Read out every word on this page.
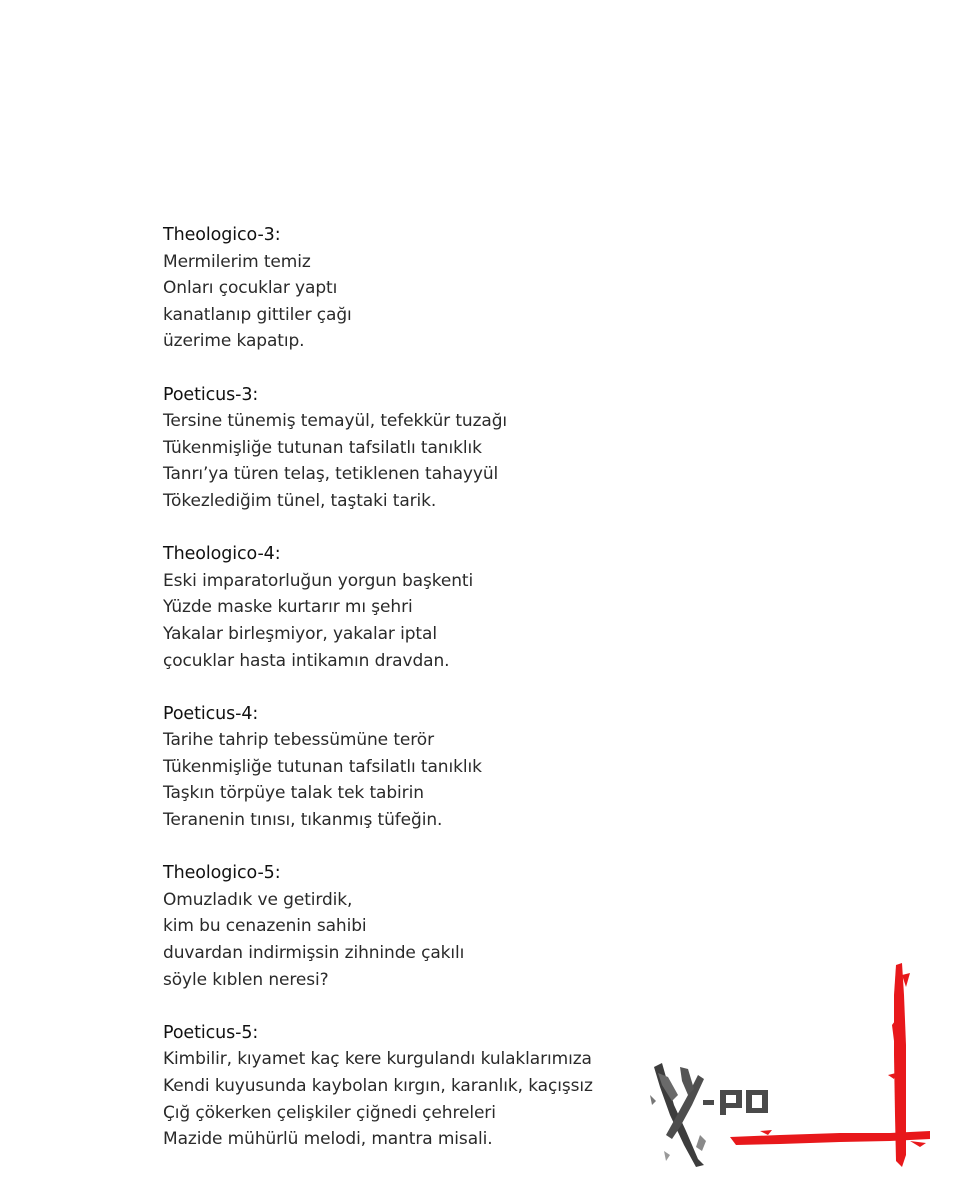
Theologico-3:
Mermilerim temiz
Onları çocuklar yaptı
kanatlanıp gittiler çağı
üzerime kapatıp.
Poeticus-3:
Tersine tünemiş temayül, tefekkür tuzağı
Tükenmişliğe tutunan tafsilatlı tanıklık
Tanrı’ya türen telaş, tetiklenen tahayyül
Tökezlediğim tünel, taştaki tarik.
Theologico-4:
Eski imparatorluğun yorgun başkenti
Yüzde maske kurtarır mı şehri
Yakalar birleşmiyor, yakalar iptal
çocuklar hasta intikamın dravdan.
Poeticus-4:
Tarihe tahrip tebessümüne terör
Tükenmişliğe tutunan tafsilatlı tanıklık
Taşkın törpüye talak tek tabirin
Teranenin tınısı, tıkanmış tüfeğin.
Theologico-5:
Omuzladık ve getirdik,
kim bu cenazenin sahibi
duvardan indirmişsin zihninde çakılı
söyle kıblen neresi?
Poeticus-5:
Kimbilir, kıyamet kaç kere kurgulandı kulaklarımıza
Kendi kuyusunda kaybolan kırgın, karanlık, kaçışsız
Çığ çökerken çelişkiler çiğnedi çehreleri
Mazide mühürlü melodi, mantra misali.
